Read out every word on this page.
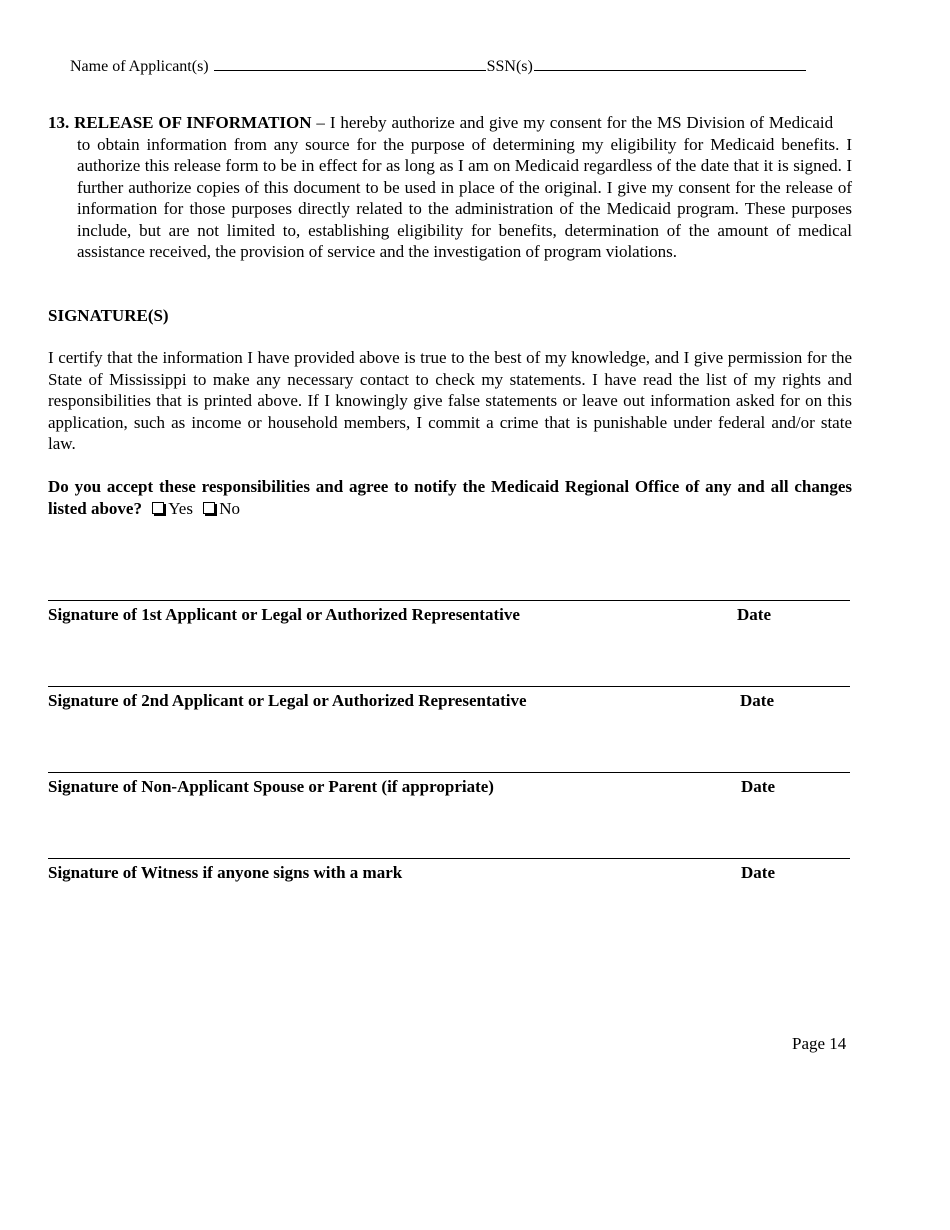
Name of Applicant(s)	SSN(s)

13. RELEASE OF INFORMATION – I hereby authorize and give my consent for the MS Division of Medicaid     to obtain information from any source for the purpose of determining my eligibility for Medicaid benefits. I authorize this release form to be in effect for as long as I am on Medicaid regardless of the date that it is signed. I further authorize copies of this document to be used in place of the original. I give my consent for the release of information for those purposes directly related to the administration of the Medicaid program. These purposes include, but are not limited to, establishing eligibility for benefits, determination of the amount of medical assistance received, the provision of service and the investigation of program violations.

SIGNATURE(S)

I certify that the information I have provided above is true to the best of my knowledge, and I give permission for the State of Mississippi to make any necessary contact to check my statements. I have read the list of my rights and responsibilities that is printed above. If I knowingly give false statements or leave out information asked for on this application, such as income or household members, I commit a crime that is punishable under federal and/or state law.

Do you accept these responsibilities and agree to notify the Medicaid Regional Office of any and all changes listed above? Yes No

Signature of 1st Applicant or Legal or Authorized Representative	Date
Signature of 2nd Applicant or Legal or Authorized Representative	Date
Signature of Non-Applicant Spouse or Parent (if appropriate)	Date
Signature of Witness if anyone signs with a mark	Date
Page 14
